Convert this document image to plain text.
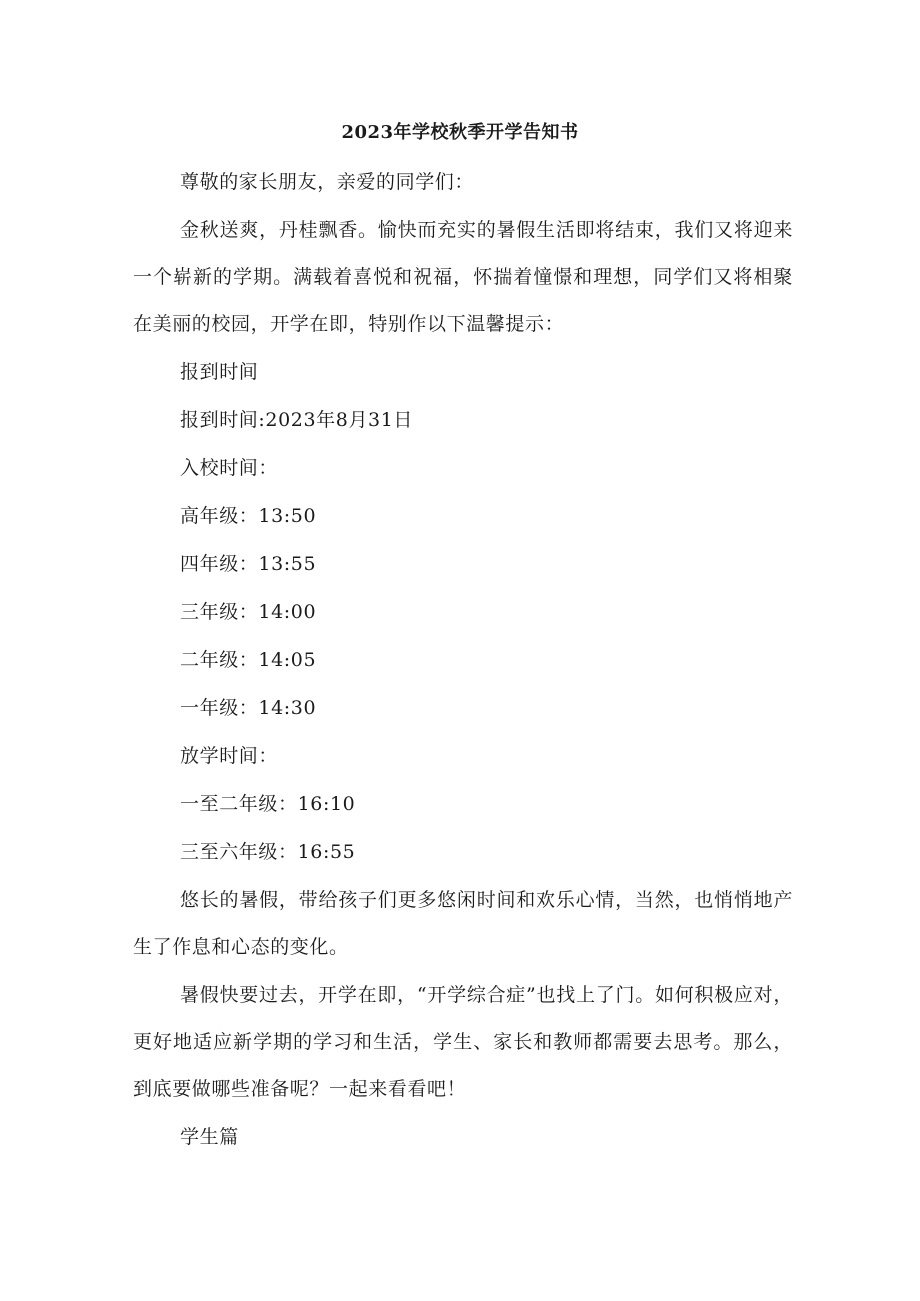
2023年学校秋季开学告知书

尊敬的家长朋友，亲爱的同学们：

金秋送爽，丹桂飘香。愉快而充实的暑假生活即将结束，我们又将迎来一个崭新的学期。满载着喜悦和祝福，怀揣着憧憬和理想，同学们又将相聚在美丽的校园，开学在即，特别作以下温馨提示：

报到时间

报到时间:2023年8月31日

入校时间：

高年级：13:50

四年级：13:55

三年级：14:00

二年级：14:05

一年级：14:30

放学时间：

一至二年级：16:10

三至六年级：16:55

悠长的暑假，带给孩子们更多悠闲时间和欢乐心情，当然，也悄悄地产生了作息和心态的变化。

暑假快要过去，开学在即，“开学综合症”也找上了门。如何积极应对，更好地适应新学期的学习和生活，学生、家长和教师都需要去思考。那么，到底要做哪些准备呢？一起来看看吧！

学生篇
